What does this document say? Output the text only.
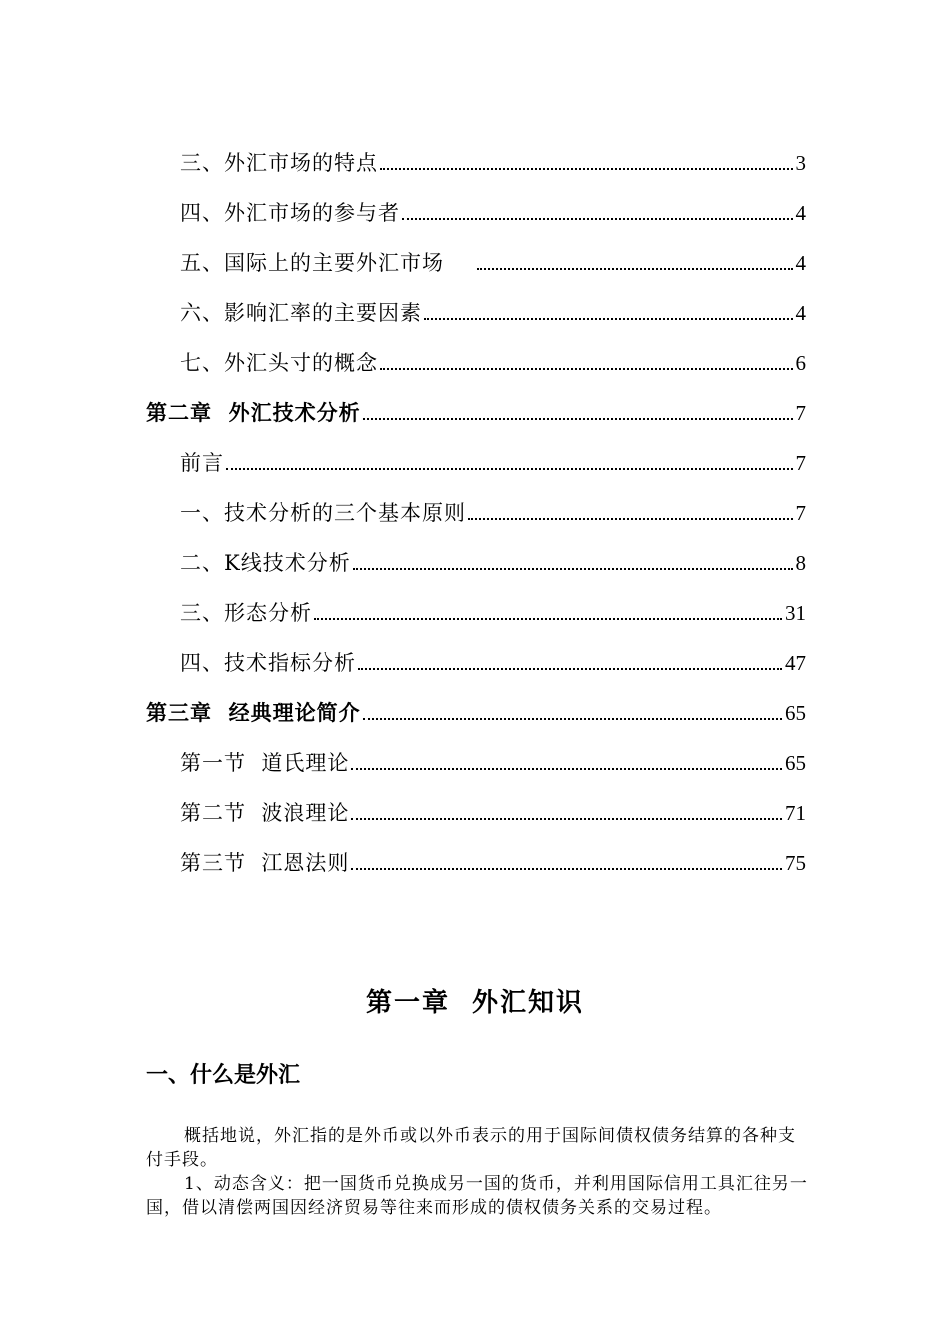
三、外汇市场的特点	3
四、外汇市场的参与者	4
五、国际上的主要外汇市场	4
六、影响汇率的主要因素	4
七、外汇头寸的概念	6
第二章  外汇技术分析	7
前言	7
一、技术分析的三个基本原则	7
二、K线技术分析	8
三、形态分析	31
四、技术指标分析	47
第三章  经典理论简介	65
第一节  道氏理论	65
第二节  波浪理论	71
第三节  江恩法则	75
第一章  外汇知识
一、什么是外汇
概括地说，外汇指的是外币或以外币表示的用于国际间债权债务结算的各种支付手段。
1、动态含义：把一国货币兑换成另一国的货币，并利用国际信用工具汇往另一国，借以清偿两国因经济贸易等往来而形成的债权债务关系的交易过程。
